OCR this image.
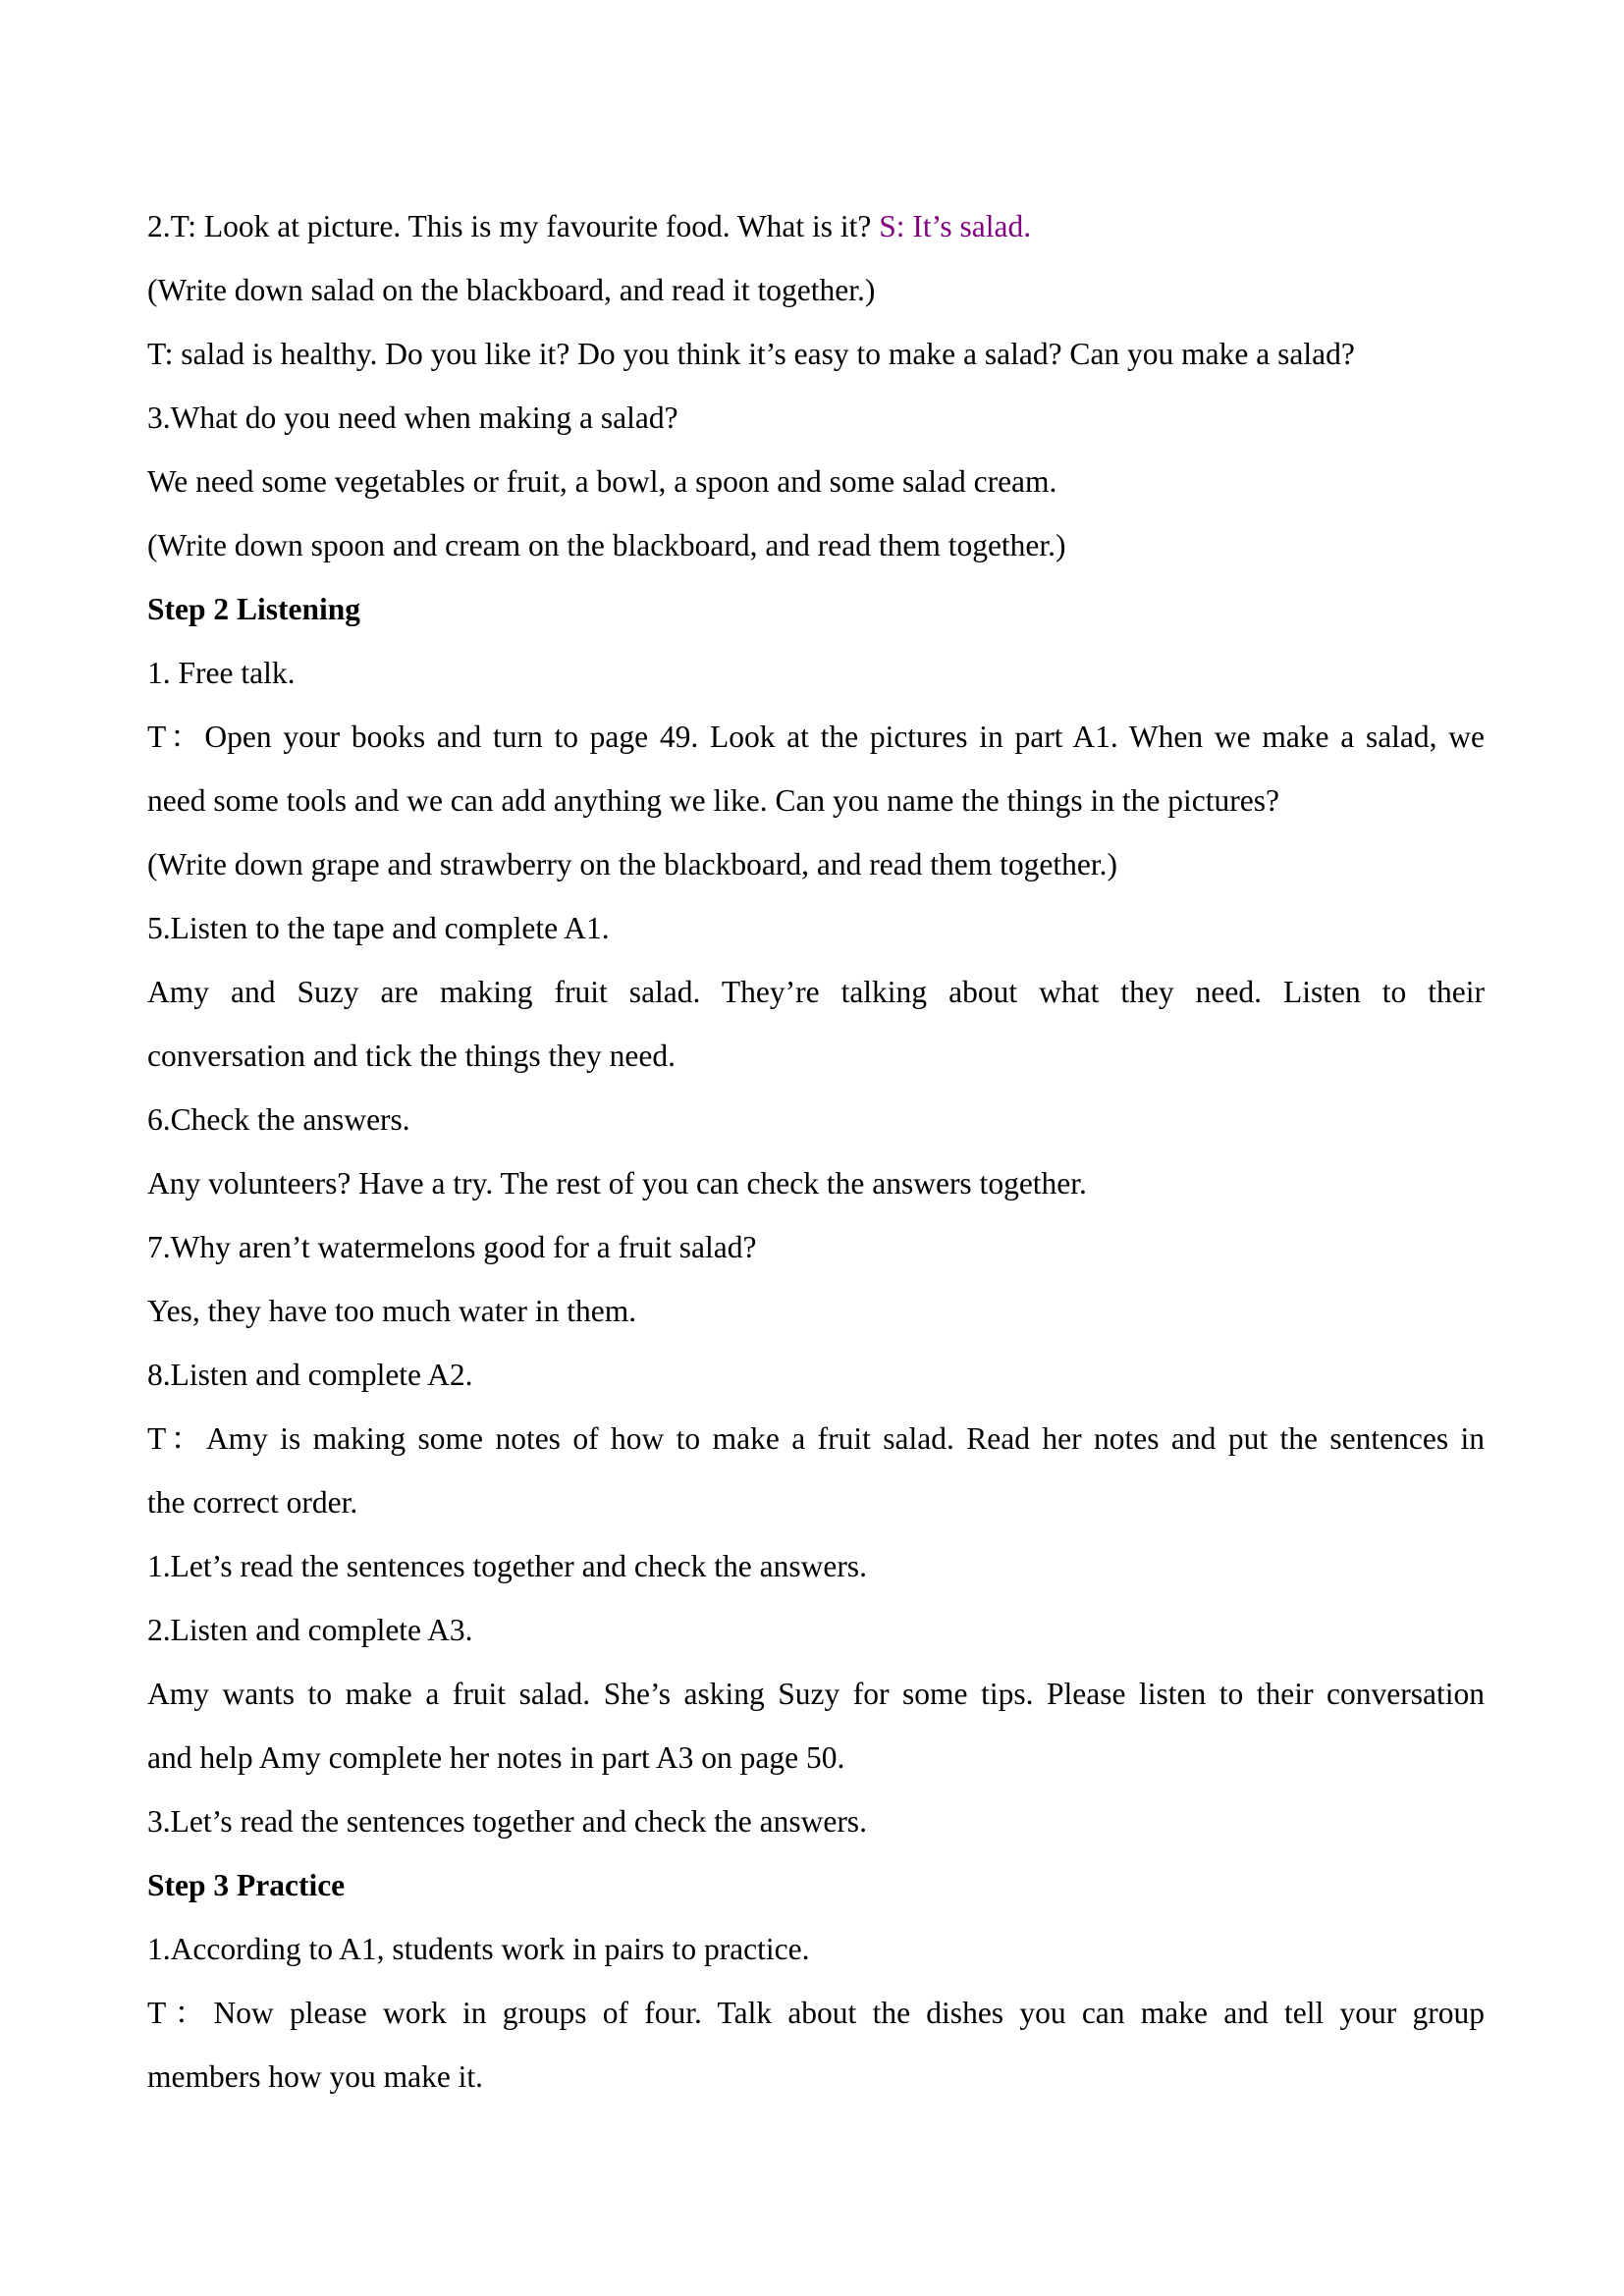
2.T: Look at picture. This is my favourite food. What is it? S: It’s salad.
(Write down salad on the blackboard, and read it together.)
T: salad is healthy. Do you like it? Do you think it’s easy to make a salad? Can you make a salad?
3.What do you need when making a salad?
We need some vegetables or fruit, a bowl, a spoon and some salad cream.
(Write down spoon and cream on the blackboard, and read them together.)
Step 2 Listening
1. Free talk.
T：Open your books and turn to page 49. Look at the pictures in part A1. When we make a salad, we
need some tools and we can add anything we like. Can you name the things in the pictures?
(Write down grape and strawberry on the blackboard, and read them together.)
5.Listen to the tape and complete A1.
Amy and Suzy are making fruit salad. They’re talking about what they need. Listen to their
conversation and tick the things they need.
6.Check the answers.
Any volunteers? Have a try. The rest of you can check the answers together.
7.Why aren’t watermelons good for a fruit salad?
Yes, they have too much water in them.
8.Listen and complete A2.
T：Amy is making some notes of how to make a fruit salad. Read her notes and put the sentences in
the correct order.
1.Let’s read the sentences together and check the answers.
2.Listen and complete A3.
Amy wants to make a fruit salad. She’s asking Suzy for some tips. Please listen to their conversation
and help Amy complete her notes in part A3 on page 50.
3.Let’s read the sentences together and check the answers.
Step 3 Practice
1.According to A1, students work in pairs to practice.
T：Now please work in groups of four. Talk about the dishes you can make and tell your group
members how you make it.
